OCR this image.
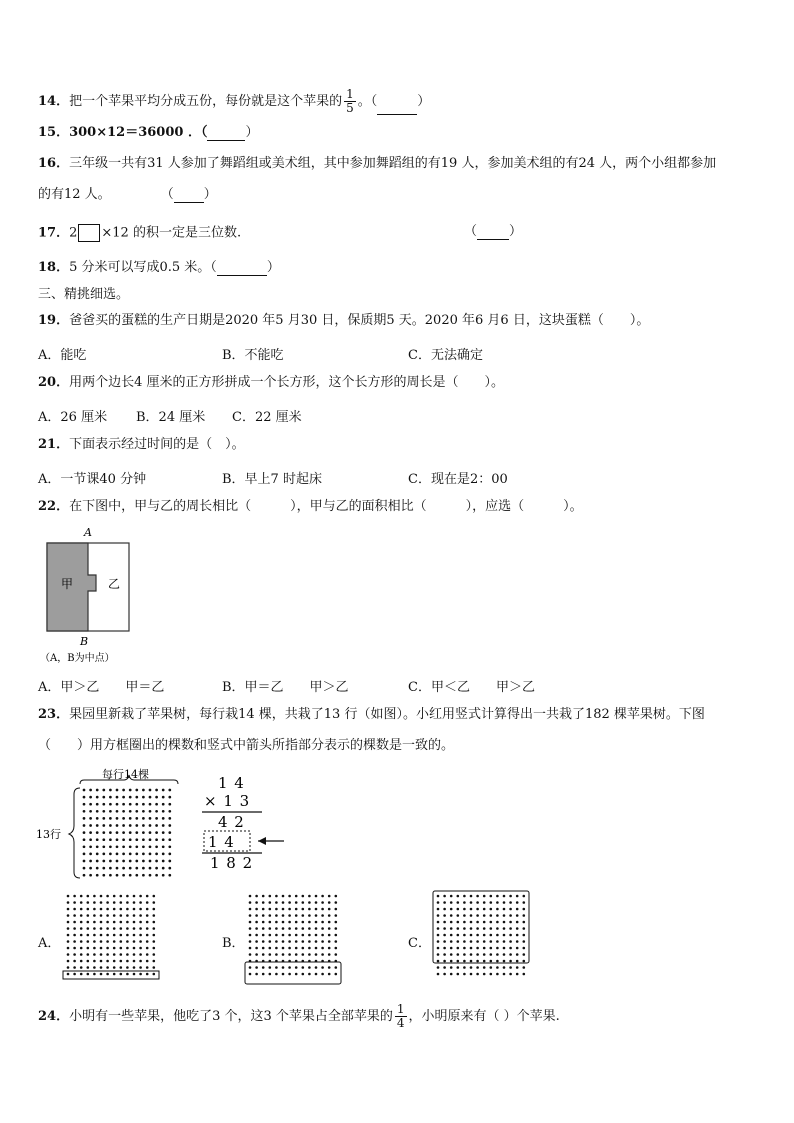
14．把一个苹果平均分成五份，每份就是这个苹果的 $\frac{1}{5}$ 。（	）
15．300×12＝36000 ．（	）
16．三年级一共有31 人参加了舞蹈组或美术组，其中参加舞蹈组的有19 人，参加美术组的有24 人，两个小组都参加
的有12 人。	（ ）
17．2 ×12 的积一定是三位数.	（ ）
18．5 分米可以写成0.5 米。（	）
三、精挑细选。
19．爸爸买的蛋糕的生产日期是2020 年5 月30 日，保质期5 天。2020 年6 月6 日，这块蛋糕（　　）。
A．能吃	B．不能吃	C．无法确定
20．用两个边长4 厘米的正方形拼成一个长方形，这个长方形的周长是（　　）。
A．26 厘米 B．24 厘米 C．22 厘米
21．下面表示经过时间的是（　）。
A．一节课40 分钟	B．早上7 时起床	C．现在是2：00
22．在下图中，甲与乙的周长相比（　　　），甲与乙的面积相比（　　　），应选（　　　）。
A
甲	乙
B
（A，B为中点）
A．甲＞乙　　甲＝乙	B．甲＝乙　　甲＞乙	C．甲＜乙　　甲＞乙
23．果园里新栽了苹果树，每行栽14 棵，共栽了13 行（如图）。小红用竖式计算得出一共栽了182 棵苹果树。下图
（　　）用方框圈出的棵数和竖式中箭头所指部分表示的棵数是一致的。
每行14棵
13行
1 4
× 1 3
4 2
1 4
1 8 2
A．	B．	C．
24．小明有一些苹果，他吃了3 个，这3 个苹果占全部苹果的 $\frac{1}{4}$ ，小明原来有（ ）个苹果.
